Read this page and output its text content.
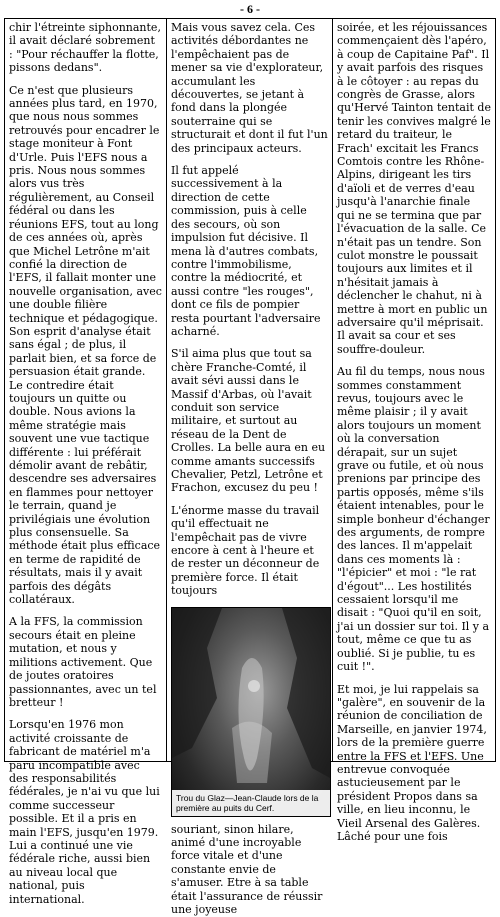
- 6 -

chir l'étreinte siphonnante, il avait déclaré sobrement : "Pour réchauffer la flotte, pissons dedans".

Ce n'est que plusieurs années plus tard, en 1970, que nous nous sommes retrouvés pour encadrer le stage moniteur à Font d'Urle. Puis l'EFS nous a pris. Nous nous sommes alors vus très régulièrement, au Conseil fédéral ou dans les réunions EFS, tout au long de ces années où, après que Michel Letrône m'ait confié la direction de l'EFS, il fallait monter une nouvelle organisation, avec une double filière technique et pédagogique. Son esprit d'analyse était sans égal ; de plus, il parlait bien, et sa force de persuasion était grande. Le contredire était toujours un quitte ou double. Nous avions la même stratégie mais souvent une vue tactique différente : lui préférait démolir avant de rebâtir, descendre ses adversaires en flammes pour nettoyer le terrain, quand je privilégiais une évolution plus consensuelle. Sa méthode était plus efficace en terme de rapidité de résultats, mais il y avait parfois des dégâts collatéraux.

A la FFS, la commission secours était en pleine mutation, et nous y militions activement. Que de joutes oratoires passionnantes, avec un tel bretteur !

Lorsqu'en 1976 mon activité croissante de fabricant de matériel m'a paru incompatible avec des responsabilités fédérales, je n'ai vu que lui comme successeur possible. Et il a pris en main l'EFS, jusqu'en 1979. Lui a continué une vie fédérale riche, aussi bien au niveau local que national, puis international.

Mais vous savez cela. Ces activités débordantes ne l'empêchaient pas de mener sa vie d'explorateur, accumulant les découvertes, se jetant à fond dans la plongée souterraine qui se structurait et dont il fut l'un des principaux acteurs.

Il fut appelé successivement à la direction de cette commission, puis à celle des secours, où son impulsion fut décisive. Il mena là d'autres combats, contre l'immobilisme, contre la médiocrité, et aussi contre "les rouges", dont ce fils de pompier resta pourtant l'adversaire acharné.

S'il aima plus que tout sa chère Franche-Comté, il avait sévi aussi dans le Massif d'Arbas, où l'avait conduit son service militaire, et surtout au réseau de la Dent de Crolles. La belle aura en eu comme amants successifs Chevalier, Petzl, Letrône et Frachon, excusez du peu !

L'énorme masse du travail qu'il effectuait ne l'empêchait pas de vivre encore à cent à l'heure et de rester un déconneur de première force. Il était toujours

Trou du Glaz—Jean-Claude lors de la première au puits du Cerf.

souriant, sinon hilare, animé d'une incroyable force vitale et d'une constante envie de s'amuser. Etre à sa table était l'assurance de réussir une joyeuse

soirée, et les réjouissances commençaient dès l'apéro, à coup de Capitaine Paf". Il y avait parfois des risques à le côtoyer : au repas du congrès de Grasse, alors qu'Hervé Tainton tentait de tenir les convives malgré le retard du traiteur, le Frach' excitait les Francs Comtois contre les Rhône-Alpins, dirigeant les tirs d'aïoli et de verres d'eau jusqu'à l'anarchie finale qui ne se termina que par l'évacuation de la salle. Ce n'était pas un tendre. Son culot monstre le poussait toujours aux limites et il n'hésitait jamais à déclencher le chahut, ni à mettre à mort en public un adversaire qu'il méprisait. Il avait sa cour et ses souffre-douleur.

Au fil du temps, nous nous sommes constamment revus, toujours avec le même plaisir ; il y avait alors toujours un moment où la conversation dérapait, sur un sujet grave ou futile, et où nous prenions par principe des partis opposés, même s'ils étaient intenables, pour le simple bonheur d'échanger des arguments, de rompre des lances. Il m'appelait dans ces moments là : "l'épicier" et moi : "le rat d'égout"... Les hostilités cessaient lorsqu'il me disait : "Quoi qu'il en soit, j'ai un dossier sur toi. Il y a tout, même ce que tu as oublié. Si je publie, tu es cuit !".

Et moi, je lui rappelais sa "galère", en souvenir de la réunion de conciliation de Marseille, en janvier 1974, lors de la première guerre entre la FFS et l'EFS. Une entrevue convoquée astucieusement par le président Propos dans sa ville, en lieu inconnu, le Vieil Arsenal des Galères. Lâché pour une fois
